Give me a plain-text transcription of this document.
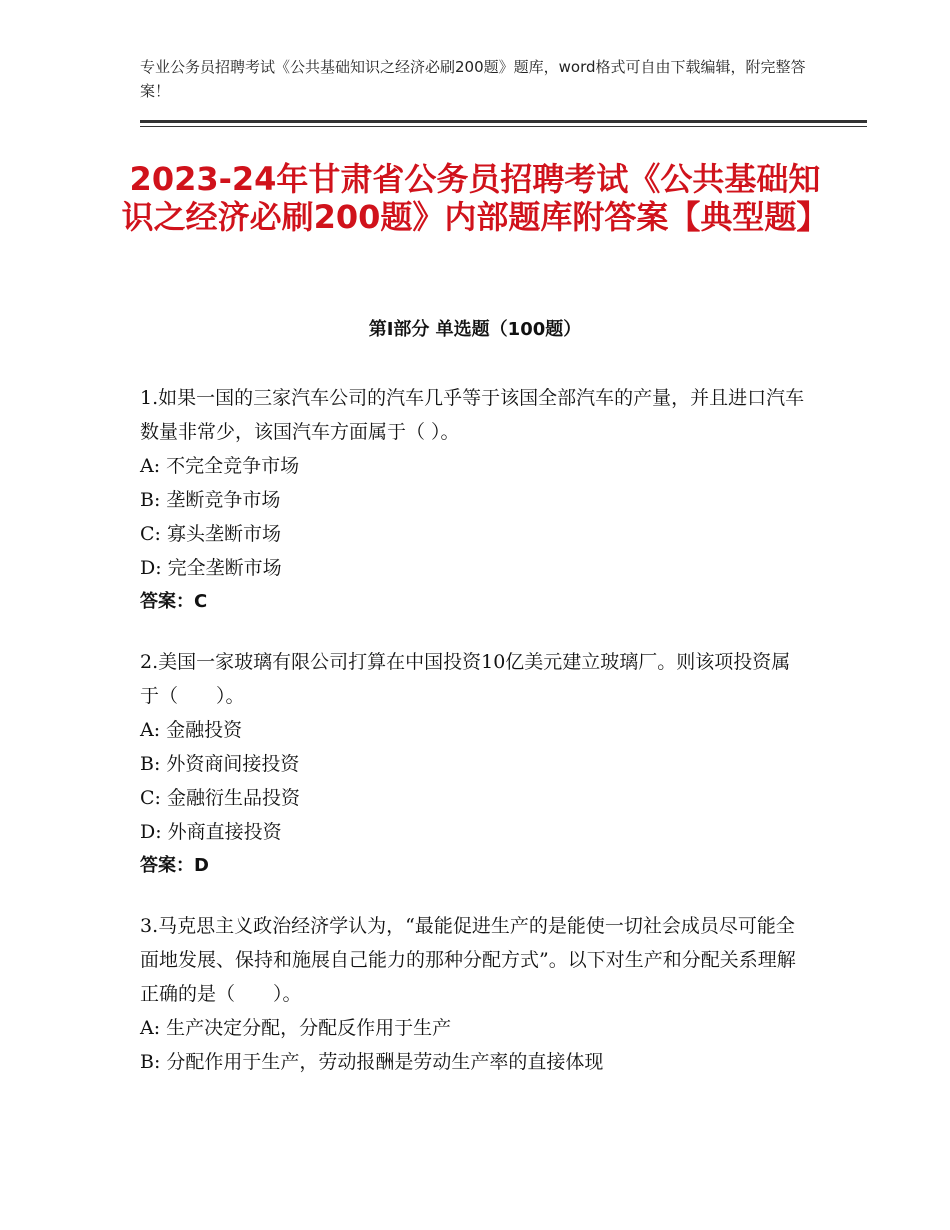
专业公务员招聘考试《公共基础知识之经济必刷200题》题库，word格式可自由下载编辑，附完整答案！
2023-24年甘肃省公务员招聘考试《公共基础知识之经济必刷200题》内部题库附答案【典型题】
第Ⅰ部分 单选题（100题）
1.如果一国的三家汽车公司的汽车几乎等于该国全部汽车的产量，并且进口汽车数量非常少，该国汽车方面属于（ ）。
A: 不完全竞争市场
B: 垄断竞争市场
C: 寡头垄断市场
D: 完全垄断市场
答案：C
2.美国一家玻璃有限公司打算在中国投资10亿美元建立玻璃厂。则该项投资属于（　　）。
A: 金融投资
B: 外资商间接投资
C: 金融衍生品投资
D: 外商直接投资
答案：D
3.马克思主义政治经济学认为，“最能促进生产的是能使一切社会成员尽可能全面地发展、保持和施展自己能力的那种分配方式”。以下对生产和分配关系理解正确的是（　　）。
A: 生产决定分配，分配反作用于生产
B: 分配作用于生产，劳动报酬是劳动生产率的直接体现
